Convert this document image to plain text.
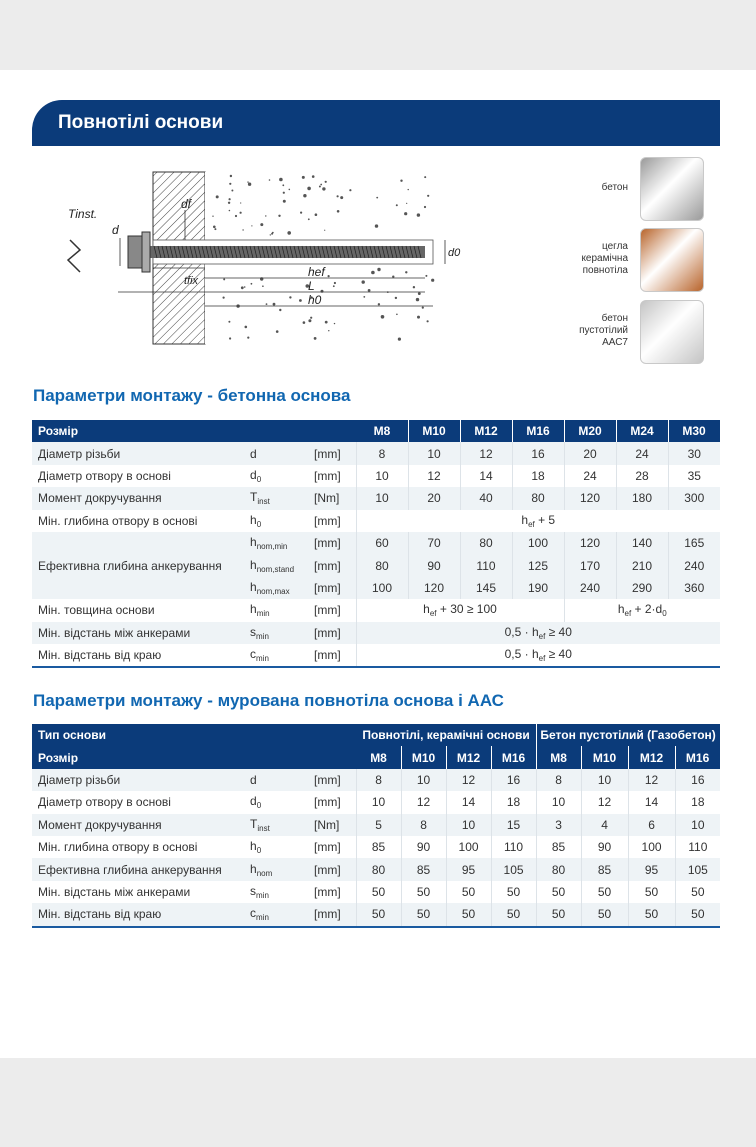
Повнотілі основи
Tinst.
d
df
tfix
hef
L
h0
d0
бетон
цегла
керамічна
повнотіла
бетон
пустотілий
ААС7
Параметри монтажу - бетонна основа
Розмір			M8	M10	M12	M16	M20	M24	M30
Діаметр різьби	d	[mm]	8	10	12	16	20	24	30
Діаметр отвору в основі	$d_0$	[mm]	10	12	14	18	24	28	35
Момент докручування	$T_{inst}$	[Nm]	10	20	40	80	120	180	300
Мін. глибина отвору в основі	$h_0$	[mm]	$h_{ef} + 5$						
Ефективна глибина анкерування	$h_{nom,min}$	[mm]	60	70	80	100	120	140	165
	$h_{nom,stand}$	[mm]	80	90	110	125	170	210	240
	$h_{nom,max}$	[mm]	100	120	145	190	240	290	360
Мін. товщина основи	$h_{min}$	[mm]	$h_{ef} + 30 \ge 100$				$h_{ef} + 2\cdot d_0$
Мін. відстань між анкерами	$s_{min}$	[mm]	$0,5 \cdot h_{ef} \ge 40$						
Мін. відстань від краю	$c_{min}$	[mm]	$0,5 \cdot h_{ef} \ge 40$						
Параметри монтажу - мурована повнотіла основа і ААС
Тип основи			Повнотілі, керамічні основи				Бетон пустотілий (Газобетон)			
Розмір			M8	M10	M12	M16	M8	M10	M12	M16
Діаметр різьби	d	[mm]	8	10	12	16	8	10	12	16
Діаметр отвору в основі	$d_0$	[mm]	10	12	14	18	10	12	14	18
Момент докручування	$T_{inst}$	[Nm]	5	8	10	15	3	4	6	10
Мін. глибина отвору в основі	$h_0$	[mm]	85	90	100	110	85	90	100	110
Ефективна глибина анкерування	$h_{nom}$	[mm]	80	85	95	105	80	85	95	105
Мін. відстань між анкерами	$s_{min}$	[mm]	50	50	50	50	50	50	50	50
Мін. відстань від краю	$c_{min}$	[mm]	50	50	50	50	50	50	50	50
